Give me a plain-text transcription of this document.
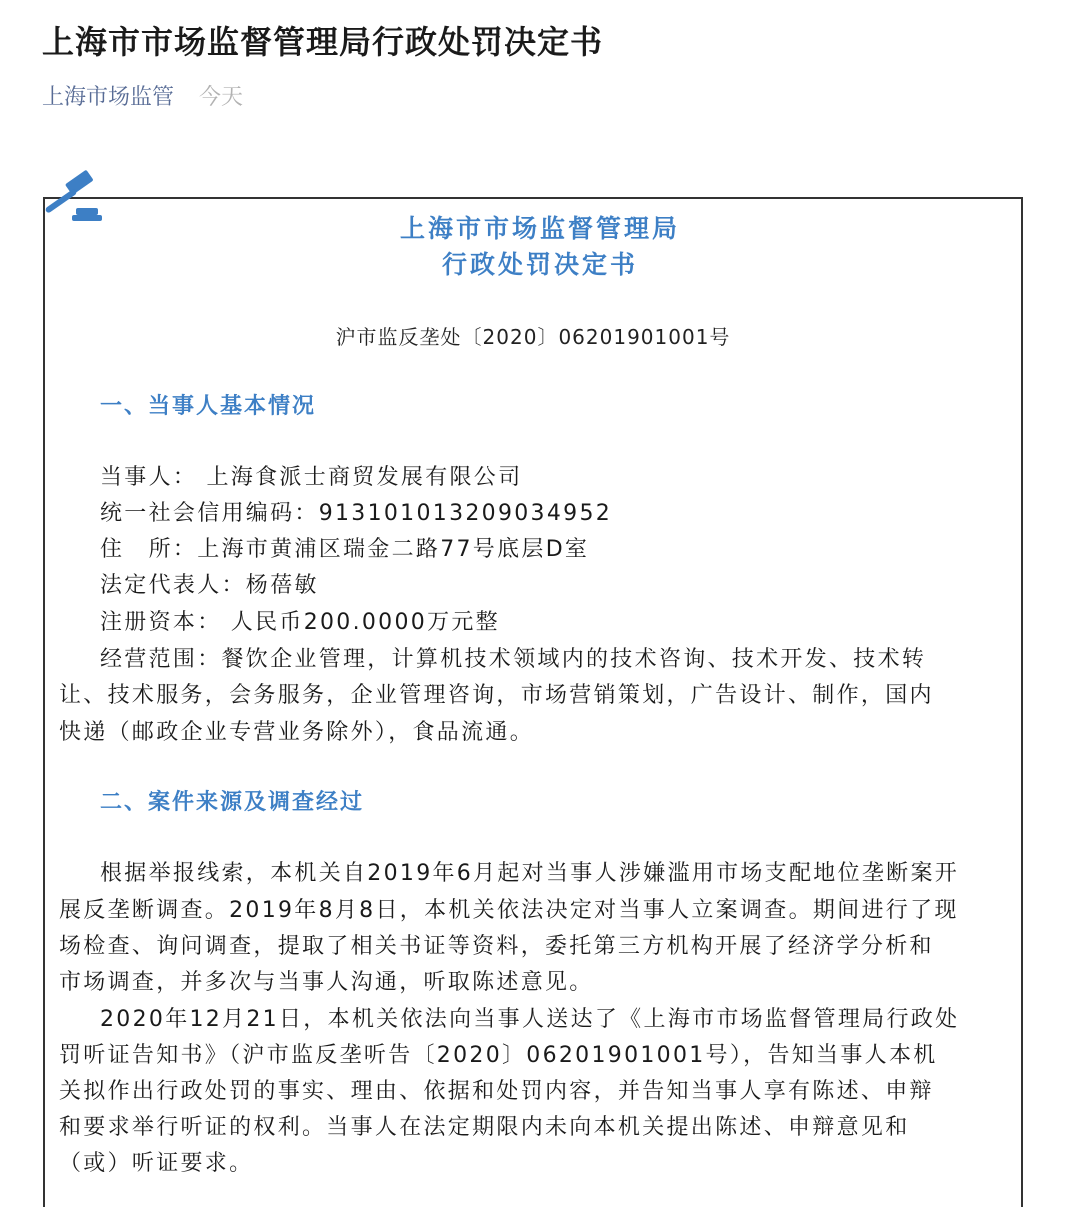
上海市市场监督管理局行政处罚决定书
上海市场监管 今天
上海市市场监督管理局
行政处罚决定书
沪市监反垄处〔2020〕06201901001号
一、当事人基本情况
当事人： 上海食派士商贸发展有限公司
统一社会信用编码：913101013209034952
住　所：上海市黄浦区瑞金二路77号底层D室
法定代表人：杨蓓敏
注册资本： 人民币200.0000万元整
经营范围：餐饮企业管理，计算机技术领域内的技术咨询、技术开发、技术转
让、技术服务，会务服务，企业管理咨询，市场营销策划，广告设计、制作，国内
快递（邮政企业专营业务除外），食品流通。
二、案件来源及调查经过
根据举报线索，本机关自2019年6月起对当事人涉嫌滥用市场支配地位垄断案开
展反垄断调查。2019年8月8日，本机关依法决定对当事人立案调查。期间进行了现
场检查、询问调查，提取了相关书证等资料，委托第三方机构开展了经济学分析和
市场调查，并多次与当事人沟通，听取陈述意见。
2020年12月21日，本机关依法向当事人送达了《上海市市场监督管理局行政处
罚听证告知书》（沪市监反垄听告〔2020〕06201901001号），告知当事人本机
关拟作出行政处罚的事实、理由、依据和处罚内容，并告知当事人享有陈述、申辩
和要求举行听证的权利。当事人在法定期限内未向本机关提出陈述、申辩意见和
（或）听证要求。
